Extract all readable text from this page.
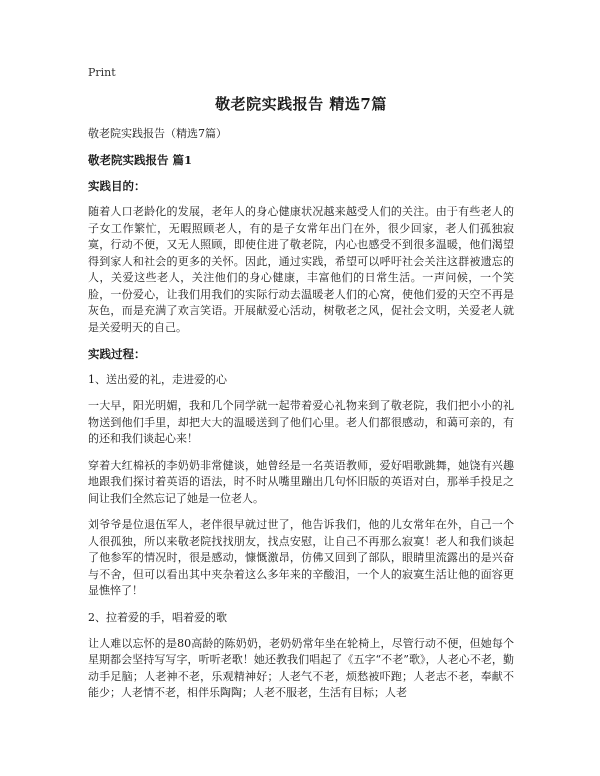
Print
敬老院实践报告 精选7篇
敬老院实践报告（精选7篇）
敬老院实践报告 篇1
实践目的：
随着人口老龄化的发展，老年人的身心健康状况越来越受人们的关注。由于有些老人的子女工作繁忙，无暇照顾老人，有的是子女常年出门在外，很少回家，老人们孤独寂寞，行动不便，又无人照顾，即使住进了敬老院，内心也感受不到很多温暖，他们渴望得到家人和社会的更多的关怀。因此，通过实践，希望可以呼吁社会关注这群被遗忘的人，关爱这些老人，关注他们的身心健康，丰富他们的日常生活。一声问候，一个笑脸，一份爱心，让我们用我们的实际行动去温暖老人们的心窝，使他们爱的天空不再是灰色，而是充满了欢言笑语。开展献爱心活动，树敬老之风，促社会文明，关爱老人就是关爱明天的自己。
实践过程：
1、送出爱的礼，走进爱的心
一大早，阳光明媚，我和几个同学就一起带着爱心礼物来到了敬老院，我们把小小的礼物送到他们手里，却把大大的温暖送到了他们心里。老人们都很感动，和蔼可亲的，有的还和我们谈起心来！
穿着大红棉袄的李奶奶非常健谈，她曾经是一名英语教师，爱好唱歌跳舞，她饶有兴趣地跟我们探讨着英语的语法，时不时从嘴里蹦出几句怀旧版的英语对白，那举手投足之间让我们全然忘记了她是一位老人。
刘爷爷是位退伍军人，老伴很早就过世了，他告诉我们，他的儿女常年在外，自己一个人很孤独，所以来敬老院找找朋友，找点安慰，让自己不再那么寂寞！老人和我们谈起了他参军的情况时，很是感动，慷慨激昂，仿佛又回到了部队，眼睛里流露出的是兴奋与不舍，但可以看出其中夹杂着这么多年来的辛酸泪，一个人的寂寞生活让他的面容更显憔悴了！
2、拉着爱的手，唱着爱的歌
让人难以忘怀的是80高龄的陈奶奶，老奶奶常年坐在轮椅上，尽管行动不便，但她每个星期都会坚持写写字，听听老歌！她还教我们唱起了《五字“不老”歌》，人老心不老，勤动手足脑；人老神不老，乐观精神好；人老气不老，烦愁被吓跑；人老志不老，奉献不能少；人老情不老，相伴乐陶陶；人老不服老，生活有目标；人老
